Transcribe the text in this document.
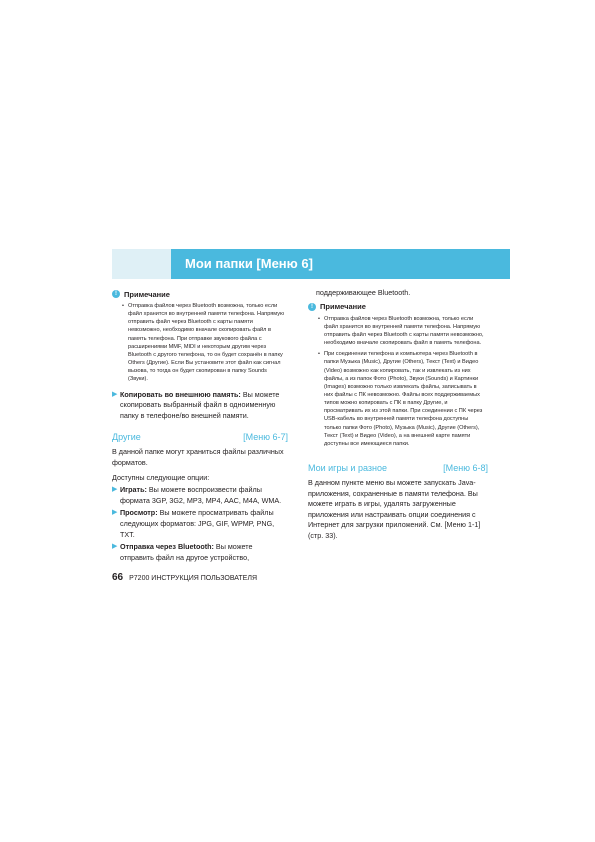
Мои папки [Меню 6]
! Примечание
• Отправка файлов через Bluetooth возможна, только если файл хранится во внутренней памяти телефона. Напрямую отправить файл через Bluetooth с карты памяти невозможно, необходимо вначале скопировать файл в память телефона. При отправке звукового файла с расширениями MMF, MIDI и некоторым другим через Bluetooth с другого телефона, то он будет сохранён в папку Others (Другие). Если Вы установите этот файл как сигнал вызова, то тогда он будет скопирован в папку Sounds (Звуки).

▶ Копировать во внешнюю память: Вы можете скопировать выбранный файл в одноименную папку в телефоне/во внешней памяти.

Другие	[Меню 6-7]

В данной папке могут храниться файлы различных форматов.

Доступны следующие опции:

▶ Играть: Вы можете воспроизвести файлы формата 3GP, 3G2, MP3, MP4, AAC, M4A, WMA.

▶ Просмотр: Вы можете просматривать файлы следующих форматов: JPG, GIF, WPMP, PNG, TXT.

▶ Отправка через Bluetooth: Вы можете отправить файл на другое устройство,

поддерживающее Bluetooth.

! Примечание
• Отправка файлов через Bluetooth возможна, только если файл хранится во внутренней памяти телефона. Напрямую отправить файл через Bluetooth с карты памяти невозможно, необходимо вначале скопировать файл в память телефона.
• При соединении телефона и компьютера через Bluetooth в папки Музыка (Music), Другие (Others), Текст (Text) и Видео (Video) возможно как копировать, так и извлекать из них файлы, а из папок Фото (Photo), Звуки (Sounds) и Картинки (Images) возможно только извлекать файлы, записывать в них файлы с ПК невозможно. Файлы всех поддерживаемых типов можно копировать с ПК в папку Другие, и просматривать их из этой папки. При соединении с ПК через USB-кабель во внутренней памяти телефона доступны только папки Фото (Photo), Музыка (Music), Другие (Others), Текст (Text) и Видео (Video), а на внешней карте памяти доступны все имеющиеся папки.
Мои игры и разное	[Меню 6-8]

В данном пункте меню вы можете запускать Java-приложения, сохраненные в памяти телефона. Вы можете играть в игры, удалять загруженные приложения или настраивать опции соединения с Интернет для загрузки приложений. См. [Меню 1-1] (стр. 33).

66 P7200 ИНСТРУКЦИЯ ПОЛЬЗОВАТЕЛЯ
